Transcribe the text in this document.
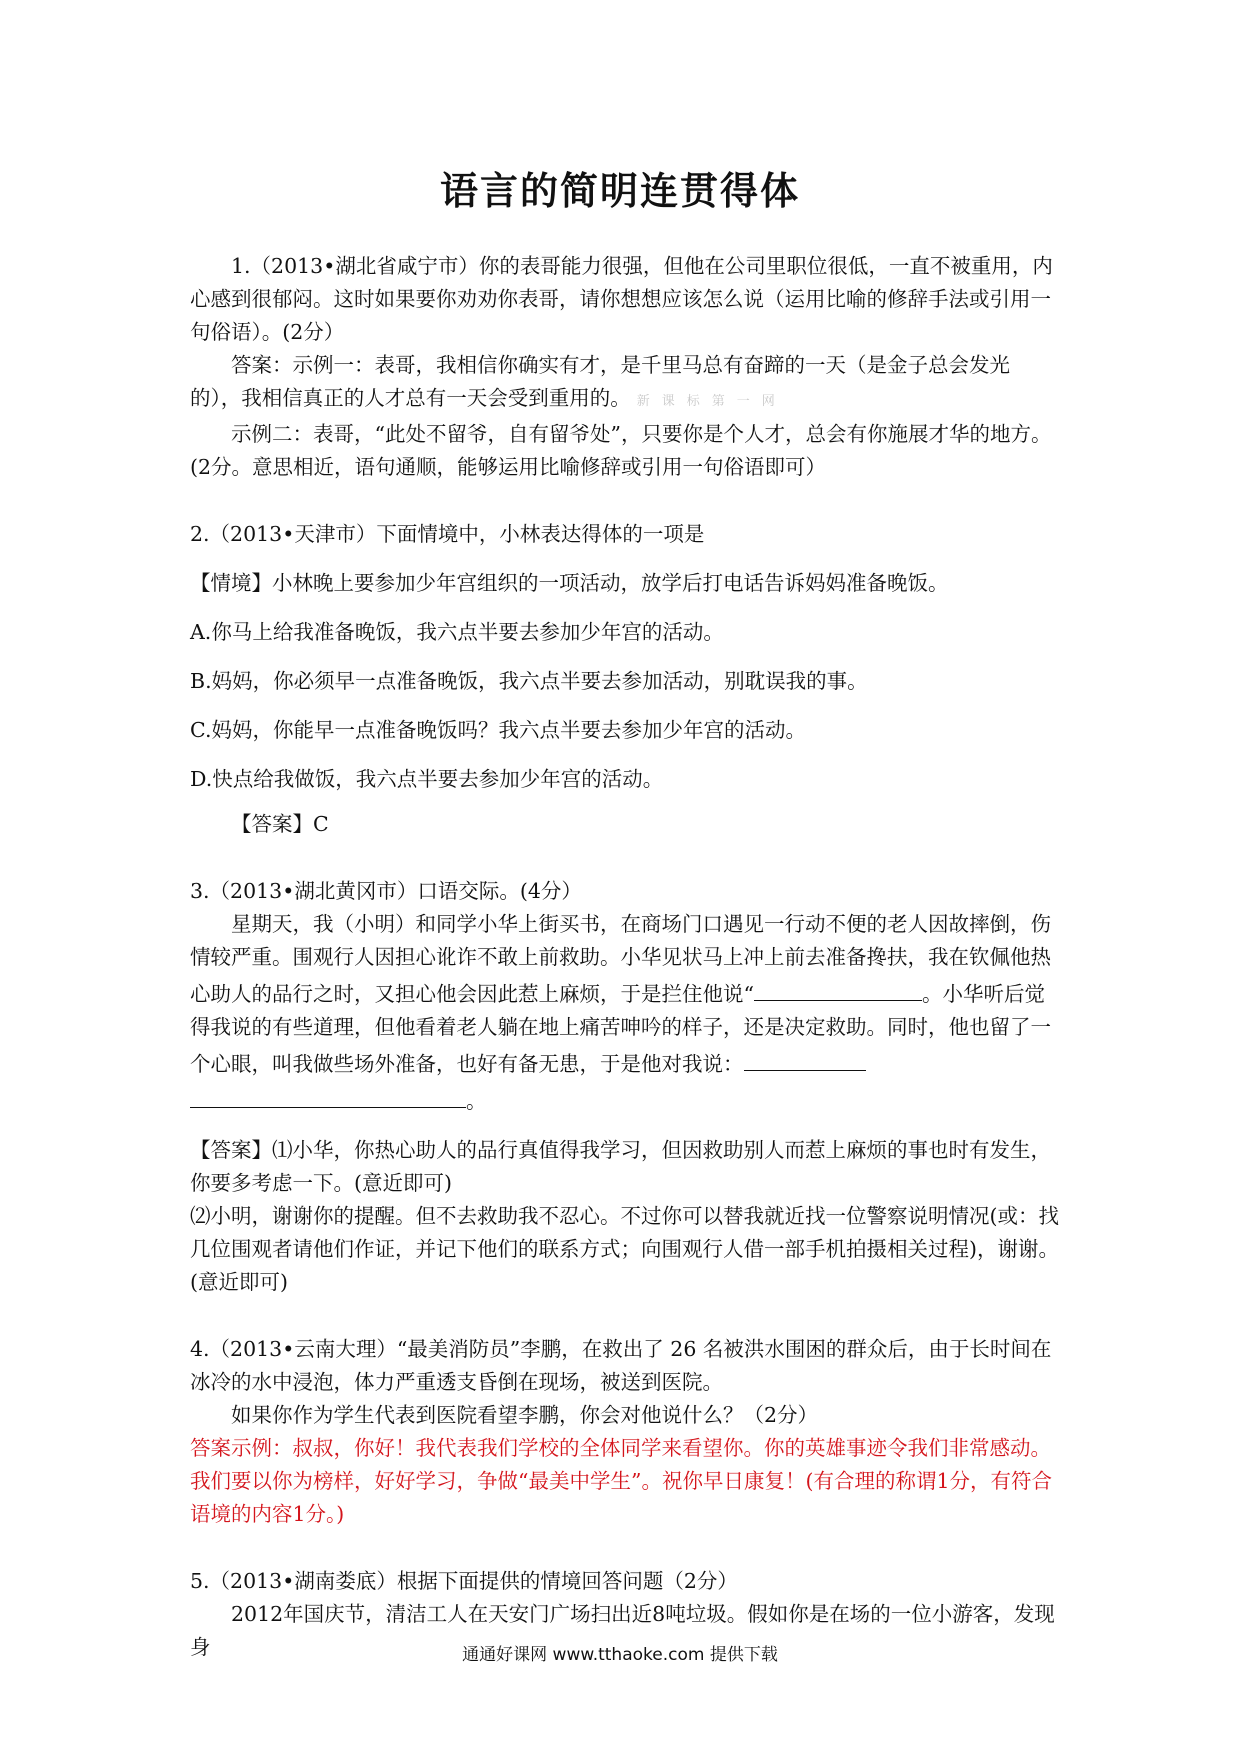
语言的简明连贯得体

1.（2013•湖北省咸宁市）你的表哥能力很强，但他在公司里职位很低，一直不被重用，内心感到很郁闷。这时如果要你劝劝你表哥，请你想想应该怎么说（运用比喻的修辞手法或引用一句俗语）。(2分）

答案：示例一：表哥，我相信你确实有才，是千里马总有奋蹄的一天（是金子总会发光的），我相信真正的人才总有一天会受到重用的。 新课标第一网

示例二：表哥，“此处不留爷，自有留爷处”，只要你是个人才，总会有你施展才华的地方。(2分。意思相近，语句通顺，能够运用比喻修辞或引用一句俗语即可）

2.（2013•天津市）下面情境中，小林表达得体的一项是

【情境】小林晚上要参加少年宫组织的一项活动，放学后打电话告诉妈妈准备晚饭。

A.你马上给我准备晚饭，我六点半要去参加少年宫的活动。

B.妈妈，你必须早一点准备晚饭，我六点半要去参加活动，别耽误我的事。

C.妈妈，你能早一点准备晚饭吗？我六点半要去参加少年宫的活动。

D.快点给我做饭，我六点半要去参加少年宫的活动。

【答案】C

3.（2013•湖北黄冈市）口语交际。(4分）

星期天，我（小明）和同学小华上街买书，在商场门口遇见一行动不便的老人因故摔倒，伤情较严重。围观行人因担心讹诈不敢上前救助。小华见状马上冲上前去准备搀扶，我在钦佩他热心助人的品行之时，又担心他会因此惹上麻烦，于是拦住他说“	。小华听后觉得我说的有些道理，但他看着老人躺在地上痛苦呻吟的样子，还是决定救助。同时，他也留了一个心眼，叫我做些场外准备，也好有备无患，于是他对我说：
。

【答案】⑴小华，你热心助人的品行真值得我学习，但因救助别人而惹上麻烦的事也时有发生，你要多考虑一下。(意近即可)

⑵小明，谢谢你的提醒。但不去救助我不忍心。不过你可以替我就近找一位警察说明情况(或：找几位围观者请他们作证，并记下他们的联系方式；向围观行人借一部手机拍摄相关过程)，谢谢。(意近即可)

4.（2013•云南大理）“最美消防员”李鹏，在救出了 26 名被洪水围困的群众后，由于长时间在冰冷的水中浸泡，体力严重透支昏倒在现场，被送到医院。

如果你作为学生代表到医院看望李鹏，你会对他说什么？（2分）

答案示例：叔叔，你好！我代表我们学校的全体同学来看望你。你的英雄事迹令我们非常感动。我们要以你为榜样，好好学习，争做“最美中学生”。祝你早日康复！(有合理的称谓1分，有符合语境的内容1分。)

5.（2013•湖南娄底）根据下面提供的情境回答问题（2分）

2012年国庆节，清洁工人在天安门广场扫出近8吨垃圾。假如你是在场的一位小游客，发现身	通通好课网 www.tthaoke.com 提供下载
